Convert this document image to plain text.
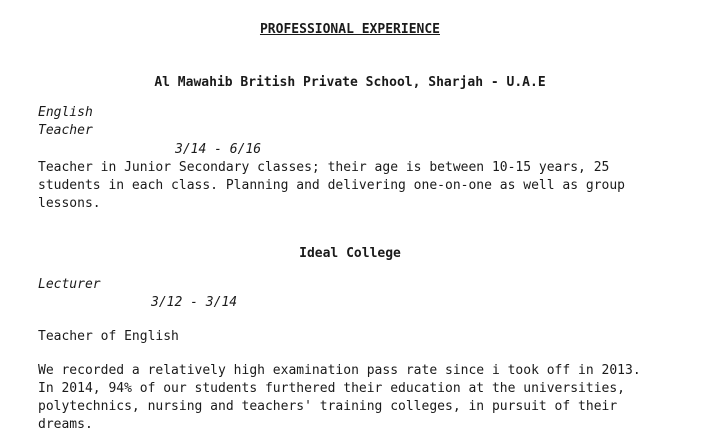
PROFESSIONAL EXPERIENCE
Al Mawahib British Private School, Sharjah - U.A.E
English
Teacher
3/14 - 6/16
Teacher in Junior Secondary classes; their age is between 10-15 years, 25
students in each class. Planning and delivering one-on-one as well as group
lessons.
Ideal College
Lecturer
3/12 - 3/14
Teacher of English
We recorded a relatively high examination pass rate since i took off in 2013.
In 2014, 94% of our students furthered their education at the universities,
polytechnics, nursing and teachers' training colleges, in pursuit of their
dreams.
